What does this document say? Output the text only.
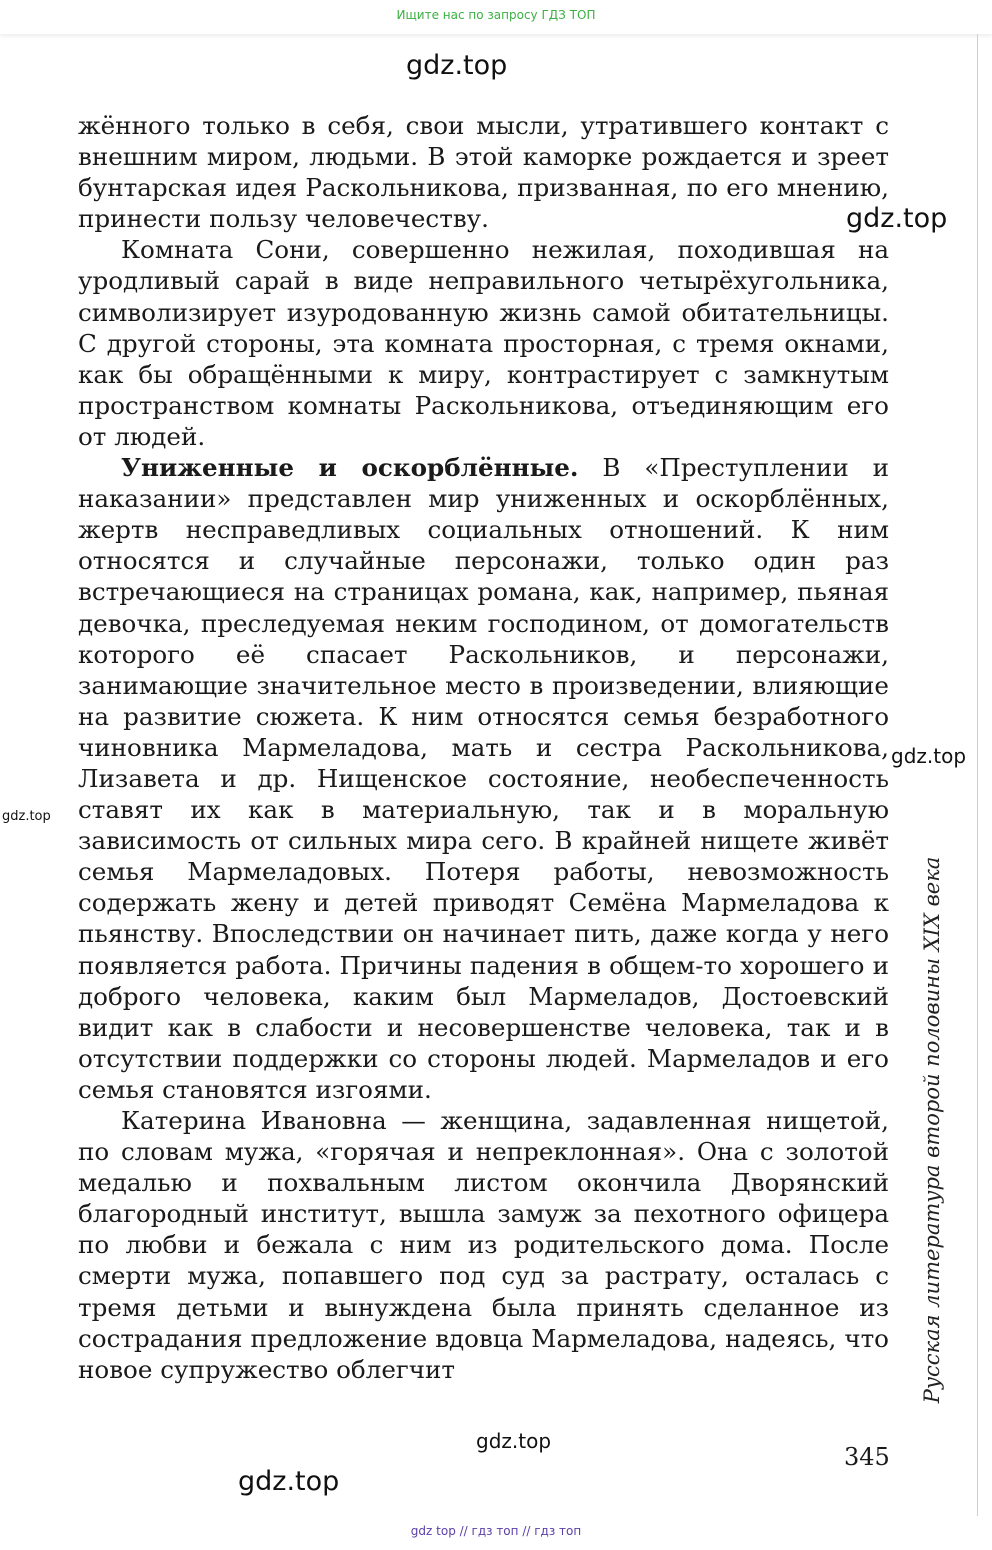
Ищите нас по запросу ГДЗ ТОП
gdz.top

жённого только в себя, свои мысли, утратившего контакт с внешним миром, людьми. В этой каморке рождается и зреет бунтарская идея Раскольникова, призванная, по его мнению, принести пользу человечеству.

Комната Сони, совершенно нежилая, походившая на уродливый сарай в виде неправильного четырёхугольника, символизирует изуродованную жизнь самой обитательницы. С другой стороны, эта комната просторная, с тремя окнами, как бы обращёнными к миру, контрастирует с замкнутым пространством комнаты Раскольникова, отъединяющим его от людей.

Униженные и оскорблённые. В «Преступлении и наказании» представлен мир униженных и оскорблённых, жертв несправедливых социальных отношений. К ним относятся и случайные персонажи, только один раз встречающиеся на страницах романа, как, например, пьяная девочка, преследуемая неким господином, от домогательств которого её спасает Раскольников, и персонажи, занимающие значительное место в произведении, влияющие на развитие сюжета. К ним относятся семья безработного чиновника Мармеладова, мать и сестра Раскольникова, Лизавета и др. Нищенское состояние, необеспеченность ставят их как в материальную, так и в моральную зависимость от сильных мира сего. В крайней нищете живёт семья Мармеладовых. Потеря работы, невозможность содержать жену и детей приводят Семёна Мармеладова к пьянству. Впоследствии он начинает пить, даже когда у него появляется работа. Причины падения в общем-то хорошего и доброго человека, каким был Мармеладов, Достоевский видит как в слабости и несовершенстве человека, так и в отсутствии поддержки со стороны людей. Мармеладов и его семья становятся изгоями.

Катерина Ивановна — женщина, задавленная нищетой, по словам мужа, «горячая и непреклонная». Она с золотой медалью и похвальным листом окончила Дворянский благородный институт, вышла замуж за пехотного офицера по любви и бежала с ним из родительского дома. После смерти мужа, попавшего под суд за растрату, осталась с тремя детьми и вынуждена была принять сделанное из сострадания предложение вдовца Мармеладова, надеясь, что новое супружество облегчит

gdz.top
gdz.top
gdz.top
gdz.top
gdz.top
Русская литература второй половины XIX века
345
gdz top // гдз топ // гдз топ
